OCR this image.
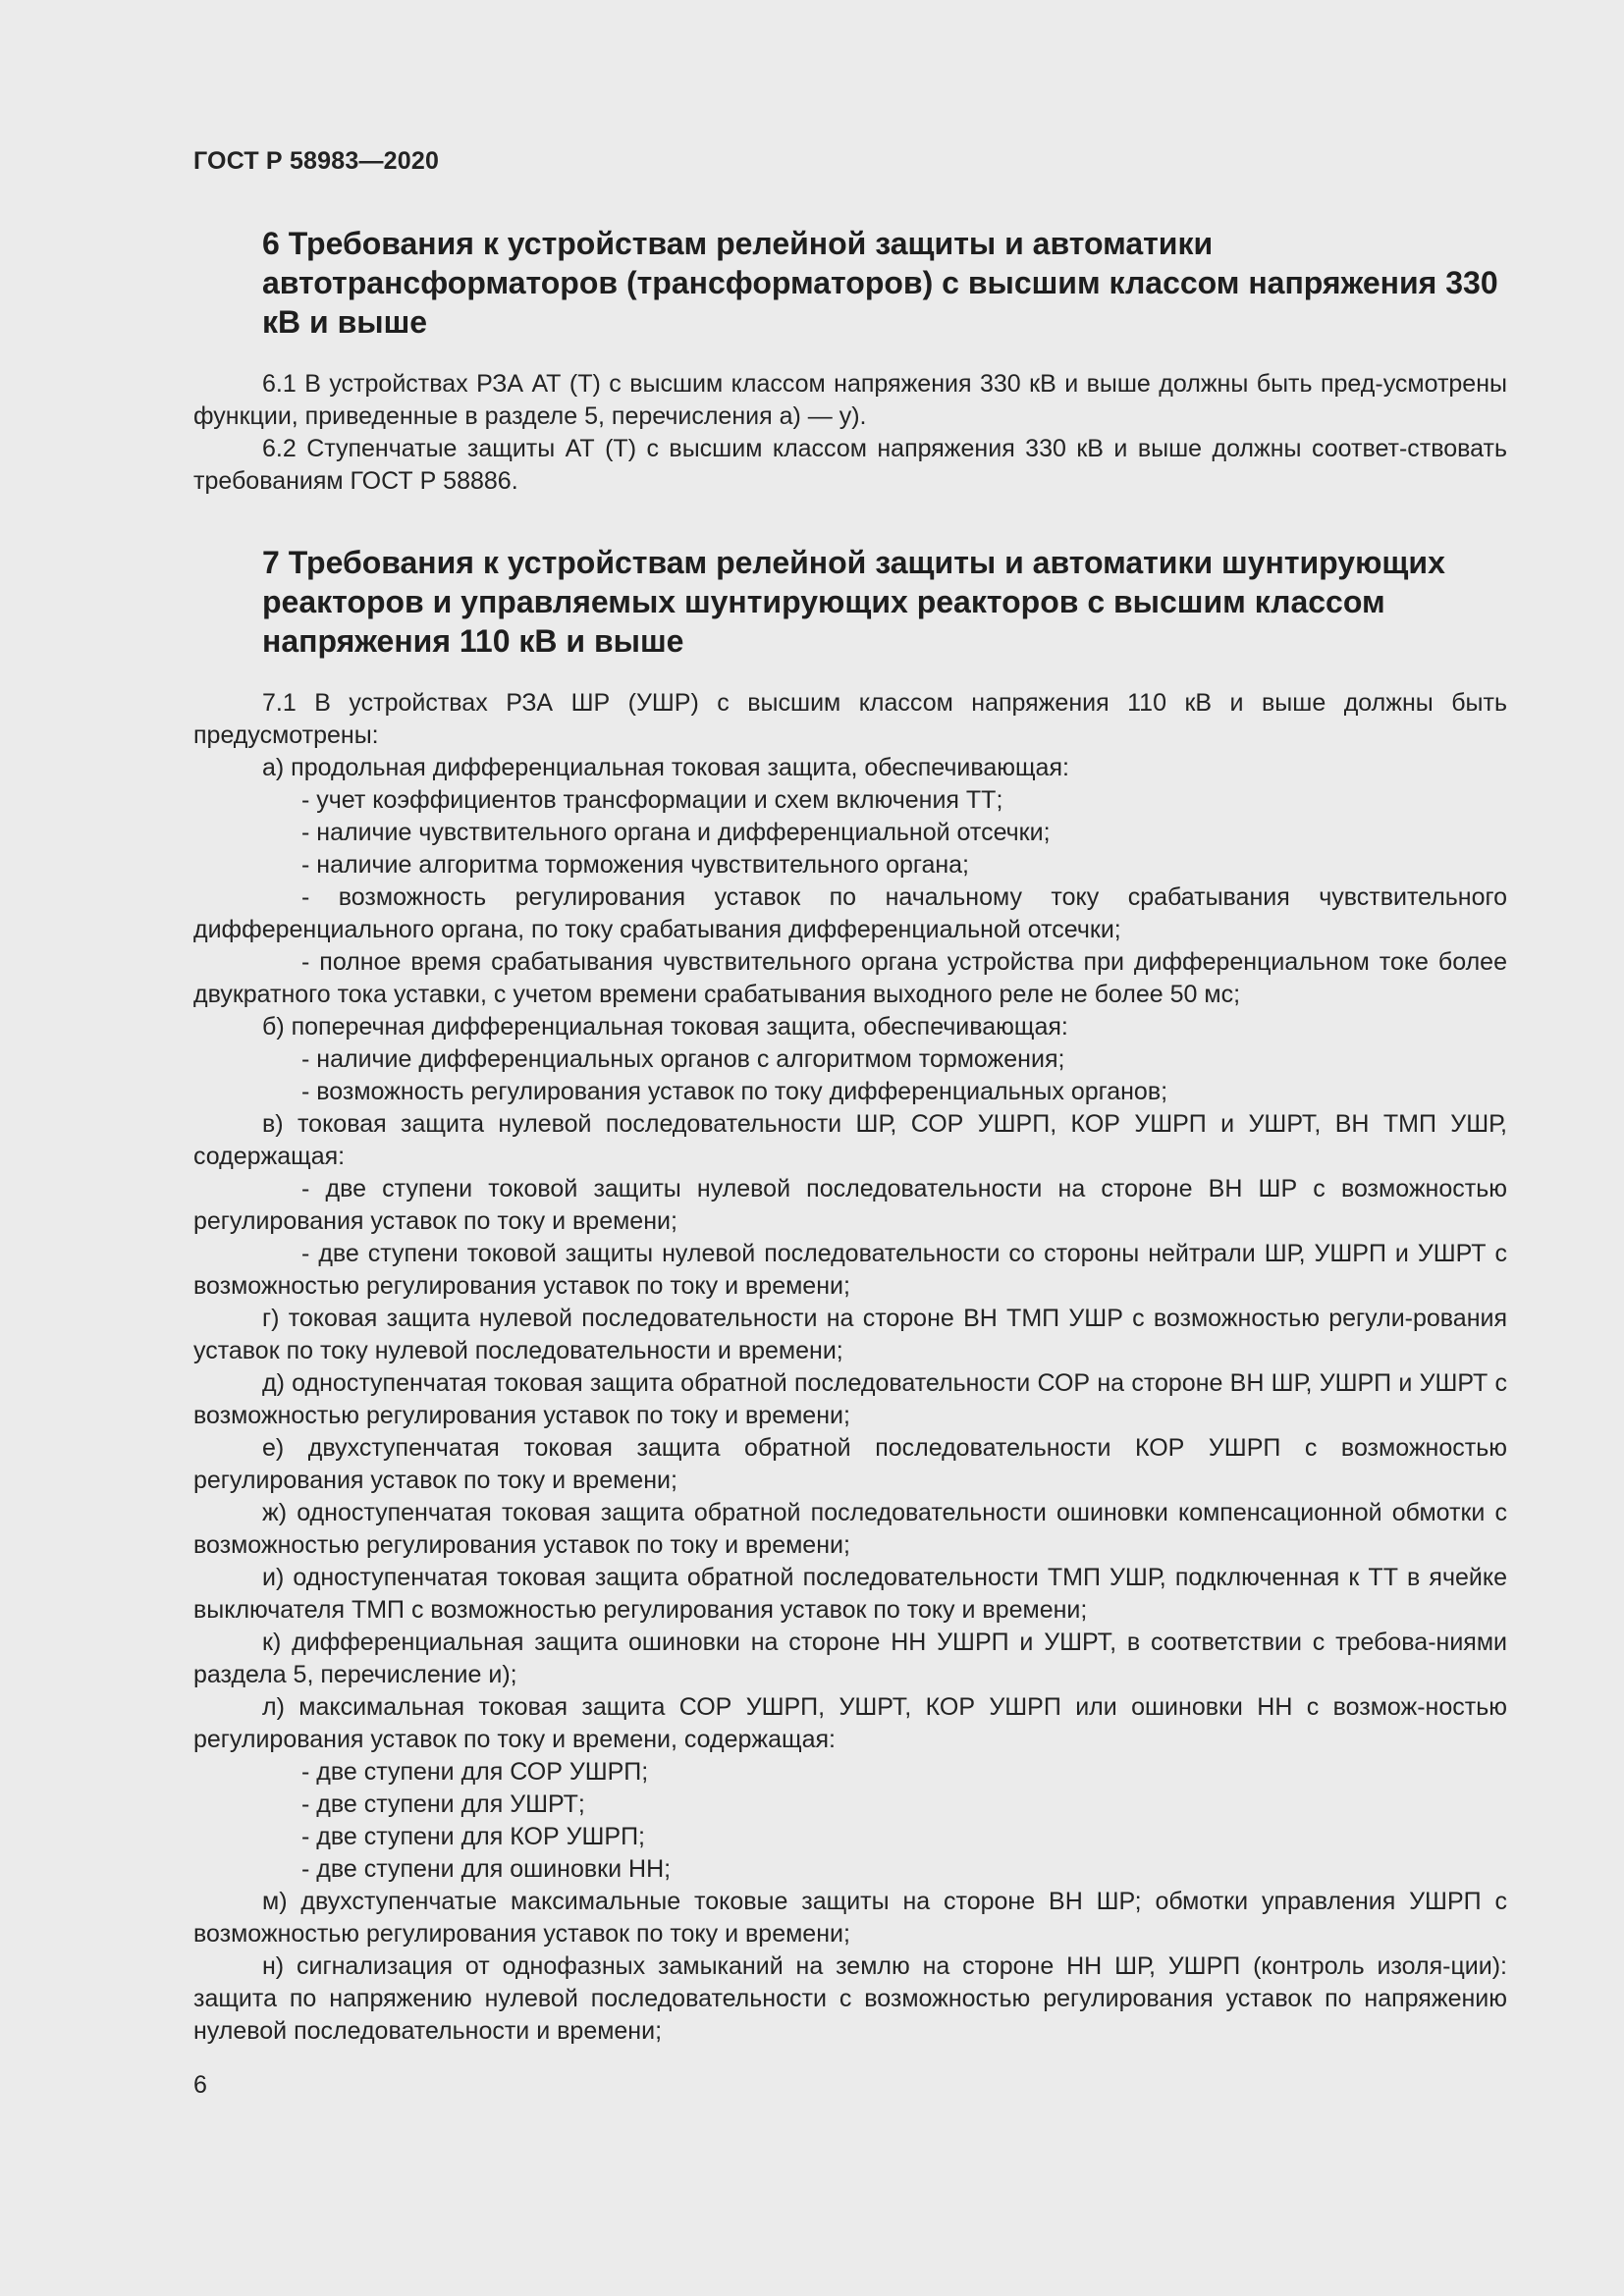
ГОСТ Р 58983—2020
6 Требования к устройствам релейной защиты и автоматики автотрансформаторов (трансформаторов) с высшим классом напряжения 330 кВ и выше

6.1 В устройствах РЗА АТ (Т) с высшим классом напряжения 330 кВ и выше должны быть пред-усмотрены функции, приведенные в разделе 5, перечисления а) — у).

6.2 Ступенчатые защиты АТ (Т) с высшим классом напряжения 330 кВ и выше должны соответ-ствовать требованиям ГОСТ Р 58886.

7 Требования к устройствам релейной защиты и автоматики шунтирующих реакторов и управляемых шунтирующих реакторов с высшим классом напряжения 110 кВ и выше

7.1 В устройствах РЗА ШР (УШР) с высшим классом напряжения 110 кВ и выше должны быть предусмотрены:

а) продольная дифференциальная токовая защита, обеспечивающая:

- учет коэффициентов трансформации и схем включения ТТ;

- наличие чувствительного органа и дифференциальной отсечки;

- наличие алгоритма торможения чувствительного органа;

- возможность регулирования уставок по начальному току срабатывания чувствительного дифференциального органа, по току срабатывания дифференциальной отсечки;

- полное время срабатывания чувствительного органа устройства при дифференциальном токе более двукратного тока уставки, с учетом времени срабатывания выходного реле не более 50 мс;

б) поперечная дифференциальная токовая защита, обеспечивающая:

- наличие дифференциальных органов с алгоритмом торможения;

- возможность регулирования уставок по току дифференциальных органов;

в) токовая защита нулевой последовательности ШР, СОР УШРП, КОР УШРП и УШРТ, ВН ТМП УШР, содержащая:

- две ступени токовой защиты нулевой последовательности на стороне ВН ШР с возможностью регулирования уставок по току и времени;

- две ступени токовой защиты нулевой последовательности со стороны нейтрали ШР, УШРП и УШРТ с возможностью регулирования уставок по току и времени;

г) токовая защита нулевой последовательности на стороне ВН ТМП УШР с возможностью регули-рования уставок по току нулевой последовательности и времени;

д) одноступенчатая токовая защита обратной последовательности СОР на стороне ВН ШР, УШРП и УШРТ с возможностью регулирования уставок по току и времени;

е) двухступенчатая токовая защита обратной последовательности КОР УШРП с возможностью регулирования уставок по току и времени;

ж) одноступенчатая токовая защита обратной последовательности ошиновки компенсационной обмотки с возможностью регулирования уставок по току и времени;

и) одноступенчатая токовая защита обратной последовательности ТМП УШР, подключенная к ТТ в ячейке выключателя ТМП с возможностью регулирования уставок по току и времени;

к) дифференциальная защита ошиновки на стороне НН УШРП и УШРТ, в соответствии с требова-ниями раздела 5, перечисление и);

л) максимальная токовая защита СОР УШРП, УШРТ, КОР УШРП или ошиновки НН с возмож-ностью регулирования уставок по току и времени, содержащая:

- две ступени для СОР УШРП;

- две ступени для УШРТ;

- две ступени для КОР УШРП;

- две ступени для ошиновки НН;

м) двухступенчатые максимальные токовые защиты на стороне ВН ШР; обмотки управления УШРП с возможностью регулирования уставок по току и времени;

н) сигнализация от однофазных замыканий на землю на стороне НН ШР, УШРП (контроль изоля-ции): защита по напряжению нулевой последовательности с возможностью регулирования уставок по напряжению нулевой последовательности и времени;

6
